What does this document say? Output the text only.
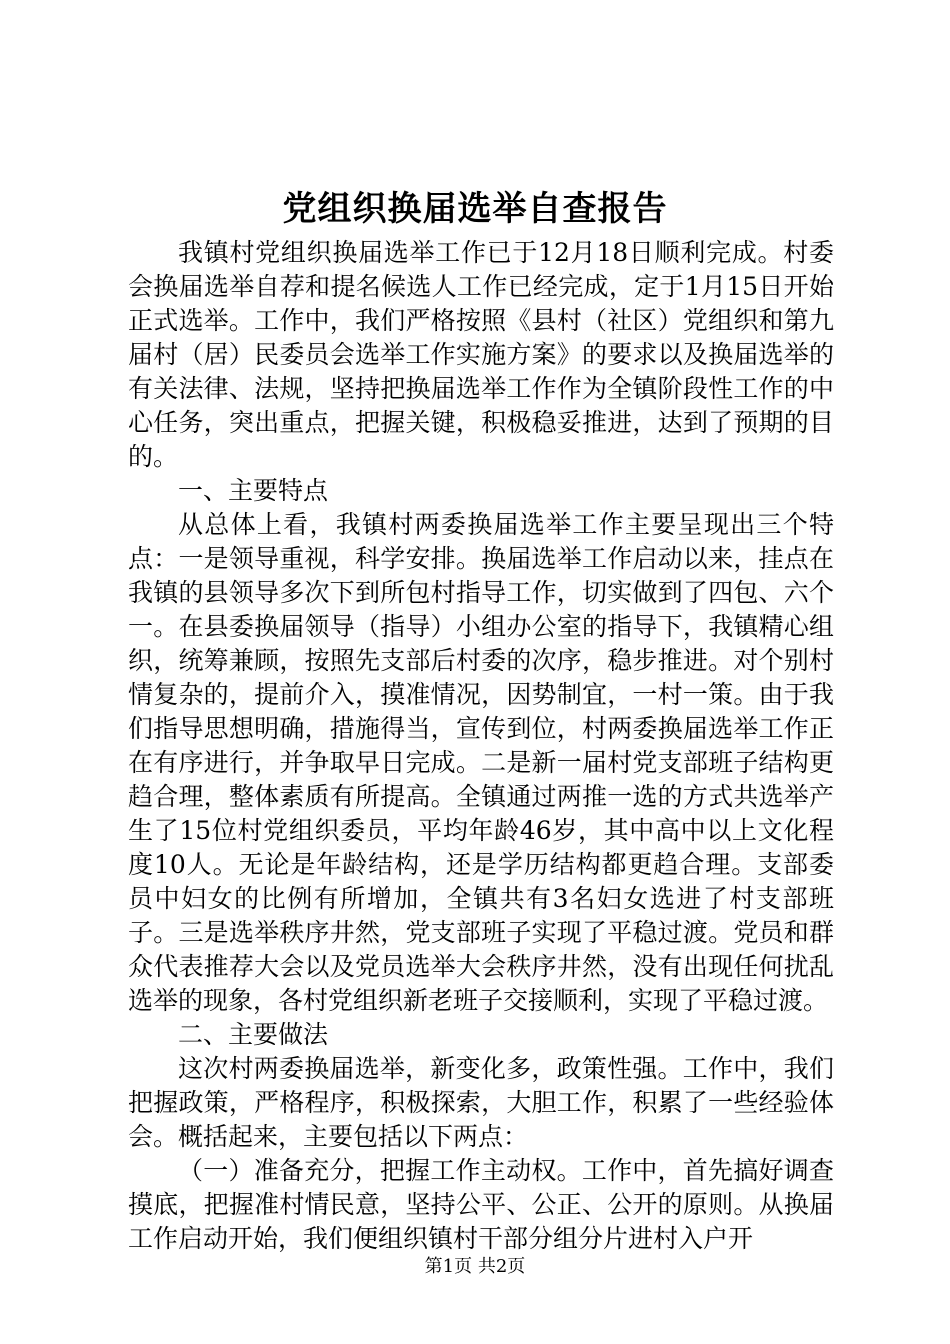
党组织换届选举自查报告

我镇村党组织换届选举工作已于12月18日顺利完成。村委会换届选举自荐和提名候选人工作已经完成，定于1月15日开始正式选举。工作中，我们严格按照《县村（社区）党组织和第九届村（居）民委员会选举工作实施方案》的要求以及换届选举的有关法律、法规，坚持把换届选举工作作为全镇阶段性工作的中心任务，突出重点，把握关键，积极稳妥推进，达到了预期的目的。

一、主要特点

从总体上看，我镇村两委换届选举工作主要呈现出三个特点：一是领导重视，科学安排。换届选举工作启动以来，挂点在我镇的县领导多次下到所包村指导工作，切实做到了四包、六个一。在县委换届领导（指导）小组办公室的指导下，我镇精心组织，统筹兼顾，按照先支部后村委的次序，稳步推进。对个别村情复杂的，提前介入，摸准情况，因势制宜，一村一策。由于我们指导思想明确，措施得当，宣传到位，村两委换届选举工作正在有序进行，并争取早日完成。二是新一届村党支部班子结构更趋合理，整体素质有所提高。全镇通过两推一选的方式共选举产生了15位村党组织委员，平均年龄46岁，其中高中以上文化程度10人。无论是年龄结构，还是学历结构都更趋合理。支部委员中妇女的比例有所增加，全镇共有3名妇女选进了村支部班子。三是选举秩序井然，党支部班子实现了平稳过渡。党员和群众代表推荐大会以及党员选举大会秩序井然，没有出现任何扰乱选举的现象，各村党组织新老班子交接顺利，实现了平稳过渡。

二、主要做法

这次村两委换届选举，新变化多，政策性强。工作中，我们把握政策，严格程序，积极探索，大胆工作，积累了一些经验体会。概括起来，主要包括以下两点：

（一）准备充分，把握工作主动权。工作中，首先搞好调查摸底，把握准村情民意，坚持公平、公正、公开的原则。从换届工作启动开始，我们便组织镇村干部分组分片进村入户开

第1页 共2页
